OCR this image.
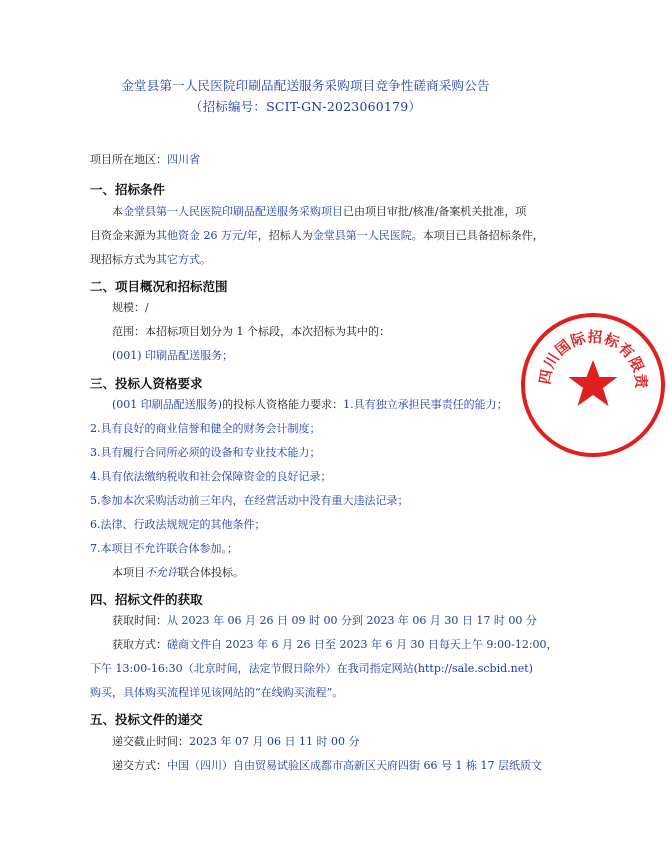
金堂县第一人民医院印刷品配送服务采购项目竞争性磋商采购公告
（招标编号：SCIT-GN-2023060179）
项目所在地区：四川省
一、招标条件
本金堂县第一人民医院印刷品配送服务采购项目已由项目审批/核准/备案机关批准，项
目资金来源为其他资金 26 万元/年，招标人为金堂县第一人民医院。本项目已具备招标条件，
现招标方式为其它方式。
二、项目概况和招标范围
规模：/
范围：本招标项目划分为 1 个标段，本次招标为其中的：
(001) 印刷品配送服务；
三、投标人资格要求
(001 印刷品配送服务)的投标人资格能力要求：1.具有独立承担民事责任的能力；
2.具有良好的商业信誉和健全的财务会计制度；
3.具有履行合同所必须的设备和专业技术能力；
4.具有依法缴纳税收和社会保障资金的良好记录；
5.参加本次采购活动前三年内，在经营活动中没有重大违法记录；
6.法律、行政法规规定的其他条件；
7.本项目不允许联合体参加。；
本项目不允许联合体投标。
四、招标文件的获取
获取时间：从 2023 年 06 月 26 日 09 时 00 分到 2023 年 06 月 30 日 17 时 00 分
获取方式：磋商文件自 2023 年 6 月 26 日至 2023 年 6 月 30 日每天上午 9:00-12:00，
下午 13:00-16:30（北京时间，法定节假日除外）在我司指定网站(http://sale.scbid.net)
购买，具体购买流程详见该网站的“在线购买流程”。
五、投标文件的递交
递交截止时间：2023 年 07 月 06 日 11 时 00 分
递交方式：中国（四川）自由贸易试验区成都市高新区天府四街 66 号 1 栋 17 层纸质文
四川国际招标有限责
